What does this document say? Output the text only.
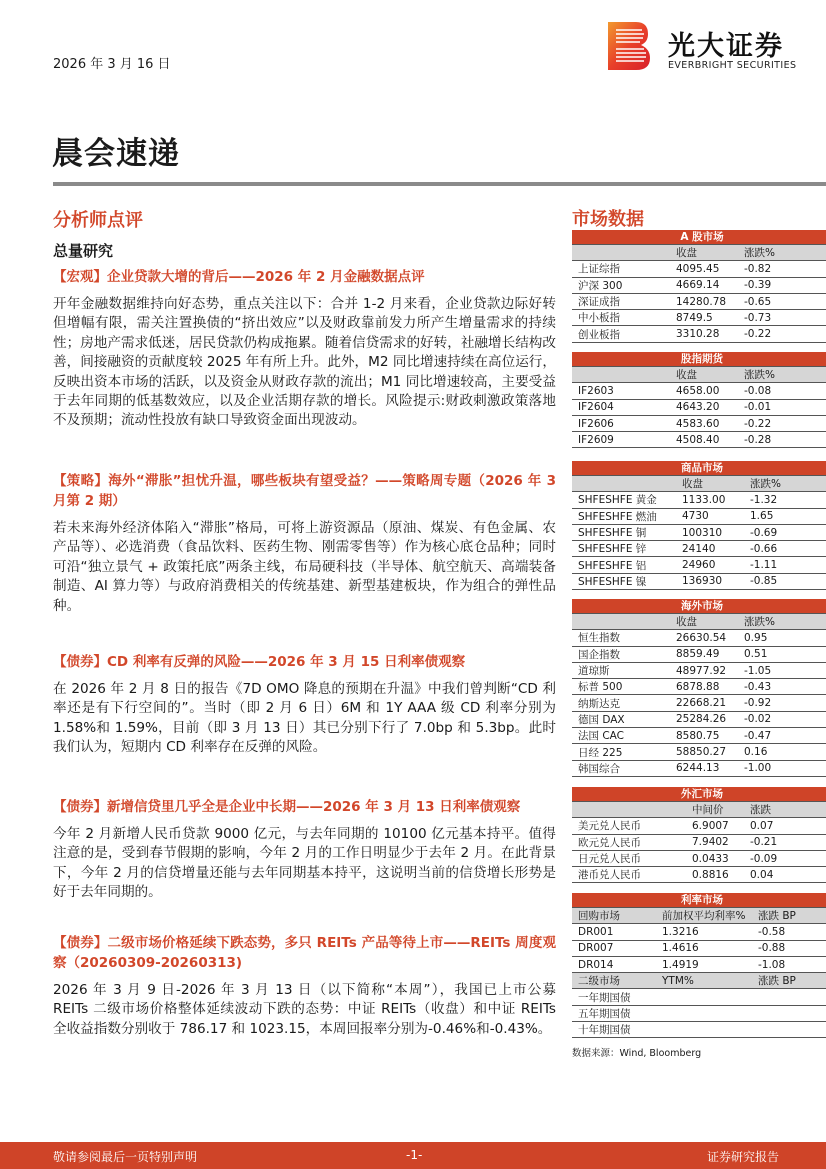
2026 年 3 月 16 日
光大证券
EVERBRIGHT SECURITIES
晨会速递
分析师点评
总量研究
【宏观】企业贷款大增的背后——2026 年 2 月金融数据点评
开年金融数据维持向好态势，重点关注以下：合并 1-2 月来看，企业贷款边际好转但增幅有限，需关注置换债的“挤出效应”以及财政靠前发力所产生增量需求的持续性；房地产需求低迷，居民贷款仍构成拖累。随着信贷需求的好转，社融增长结构改善，间接融资的贡献度较 2025 年有所上升。此外，M2 同比增速持续在高位运行，反映出资本市场的活跃，以及资金从财政存款的流出；M1 同比增速较高，主要受益于去年同期的低基数效应，以及企业活期存款的增长。风险提示:财政刺激政策落地不及预期；流动性投放有缺口导致资金面出现波动。
【策略】海外“滞胀”担忧升温，哪些板块有望受益？——策略周专题（2026 年 3 月第 2 期）
若未来海外经济体陷入“滞胀”格局，可将上游资源品（原油、煤炭、有色金属、农产品等）、必选消费（食品饮料、医药生物、刚需零售等）作为核心底仓品种；同时可沿“独立景气 + 政策托底”两条主线，布局硬科技（半导体、航空航天、高端装备制造、AI 算力等）与政府消费相关的传统基建、新型基建板块，作为组合的弹性品种。
【债券】CD 利率有反弹的风险——2026 年 3 月 15 日利率债观察
在 2026 年 2 月 8 日的报告《7D OMO 降息的预期在升温》中我们曾判断“CD 利率还是有下行空间的”。当时（即 2 月 6 日）6M 和 1Y AAA 级 CD 利率分别为 1.58%和 1.59%，目前（即 3 月 13 日）其已分别下行了 7.0bp 和 5.3bp。此时我们认为，短期内 CD 利率存在反弹的风险。
【债券】新增信贷里几乎全是企业中长期——2026 年 3 月 13 日利率债观察
今年 2 月新增人民币贷款 9000 亿元，与去年同期的 10100 亿元基本持平。值得注意的是，受到春节假期的影响，今年 2 月的工作日明显少于去年 2 月。在此背景下，今年 2 月的信贷增量还能与去年同期基本持平，这说明当前的信贷增长形势是好于去年同期的。
【债券】二级市场价格延续下跌态势，多只 REITs 产品等待上市——REITs 周度观察（20260309-20260313)
2026 年 3 月 9 日-2026 年 3 月 13 日（以下简称“本周”），我国已上市公募 REITs 二级市场价格整体延续波动下跌的态势：中证 REITs（收盘）和中证 REITs 全收益指数分别收于 786.17 和 1023.15，本周回报率分别为-0.46%和-0.43%。
市场数据
A 股市场		
	收盘	涨跌%
上证综指	4095.45	-0.82
沪深 300	4669.14	-0.39
深证成指	14280.78	-0.65
中小板指	8749.5	-0.73
创业板指	3310.28	-0.22
股指期货		
	收盘	涨跌%
IF2603	4658.00	-0.08
IF2604	4643.20	-0.01
IF2606	4583.60	-0.22
IF2609	4508.40	-0.28
商品市场		
	收盘	涨跌%
SHFESHFE 黄金	1133.00	-1.32
SHFESHFE 燃油	4730	1.65
SHFESHFE 铜	100310	-0.69
SHFESHFE 锌	24140	-0.66
SHFESHFE 铝	24960	-1.11
SHFESHFE 镍	136930	-0.85
海外市场		
	收盘	涨跌%
恒生指数	26630.54	0.95
国企指数	8859.49	0.51
道琼斯	48977.92	-1.05
标普 500	6878.88	-0.43
纳斯达克	22668.21	-0.92
德国 DAX	25284.26	-0.02
法国 CAC	8580.75	-0.47
日经 225	58850.27	0.16
韩国综合	6244.13	-1.00
外汇市场		
	中间价	涨跌
美元兑人民币	6.9007	0.07
欧元兑人民币	7.9402	-0.21
日元兑人民币	0.0433	-0.09
港币兑人民币	0.8816	0.04
利率市场		
回购市场	前加权平均利率%	涨跌 BP
DR001	1.3216	-0.58
DR007	1.4616	-0.88
DR014	1.4919	-1.08
二级市场	YTM%	涨跌 BP
一年期国债		
五年期国债		
十年期国债		
数据来源：Wind, Bloomberg
敬请参阅最后一页特别声明	-1-	证券研究报告
